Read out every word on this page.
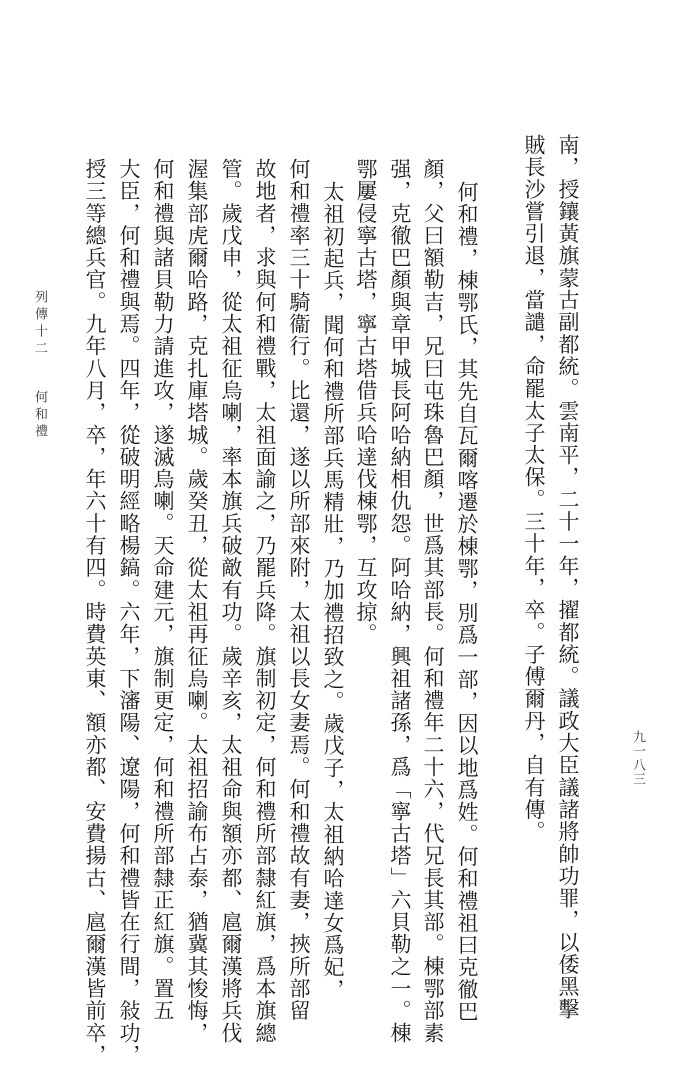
南，授鑲黃旗蒙古副都統。雲南平，二十一年，擢都統。議政大臣議諸將帥功罪，以倭黑擊
賊長沙嘗引退，當譴，命罷太子太保。三十年，卒。子傅爾丹，自有傳。
何和禮，棟鄂氏，其先自瓦爾喀遷於棟鄂，別爲一部，因以地爲姓。何和禮祖曰克徹巴
顏，父曰額勒吉，兄曰屯珠魯巴顏，世爲其部長。何和禮年二十六，代兄長其部。棟鄂部素
强，克徹巴顏與章甲城長阿哈納相仇怨。阿哈納，興祖諸孫，爲「寧古塔」六貝勒之一。棟
鄂屢侵寧古塔，寧古塔借兵哈達伐棟鄂，互攻掠。
太祖初起兵，聞何和禮所部兵馬精壯，乃加禮招致之。歲戊子，太祖納哈達女爲妃，
何和禮率三十騎衞行。比還，遂以所部來附，太祖以長女妻焉。何和禮故有妻，挾所部留
故地者，求與何和禮戰，太祖面諭之，乃罷兵降。旗制初定，何和禮所部隸紅旗，爲本旗總
管。歲戊申，從太祖征烏喇，率本旗兵破敵有功。歲辛亥，太祖命與額亦都、扈爾漢將兵伐
渥集部虎爾哈路，克扎庫塔城。歲癸丑，從太祖再征烏喇。太祖招諭布占泰，猶冀其悛悔，
何和禮與諸貝勒力請進攻，遂滅烏喇。天命建元，旗制更定，何和禮所部隸正紅旗。置五
大臣，何和禮與焉。四年，從破明經略楊鎬。六年，下瀋陽、遼陽，何和禮皆在行間，敍功，
授三等總兵官。九年八月，卒，年六十有四。時費英東、額亦都、安費揚古、扈爾漢皆前卒，
列傳十二
何和禮
九一八三
